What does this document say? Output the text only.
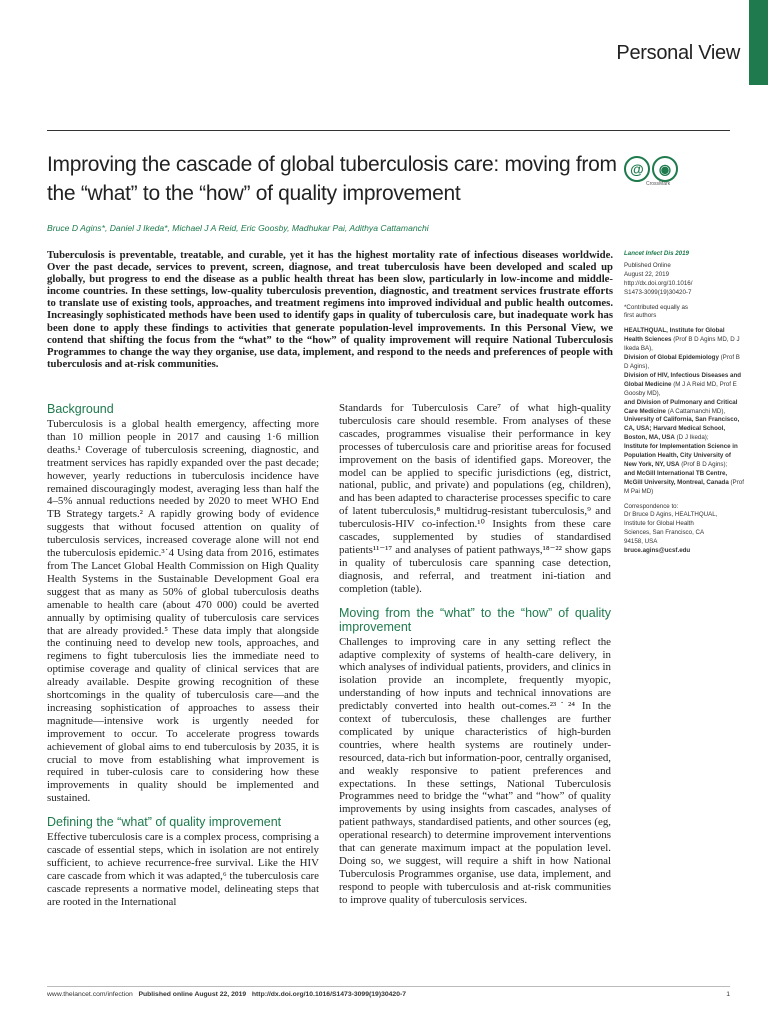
Personal View
Improving the cascade of global tuberculosis care: moving from the “what” to the “how” of quality improvement
@	◉
CrossMark
Bruce D Agins*, Daniel J Ikeda*, Michael J A Reid, Eric Goosby, Madhukar Pai, Adithya Cattamanchi

Tuberculosis is preventable, treatable, and curable, yet it has the highest mortality rate of infectious diseases worldwide. Over the past decade, services to prevent, screen, diagnose, and treat tuberculosis have been developed and scaled up globally, but progress to end the disease as a public health threat has been slow, particularly in low-income and middle-income countries. In these settings, low-quality tuberculosis prevention, diagnostic, and treatment services frustrate efforts to translate use of existing tools, approaches, and treatment regimens into improved individual and public health outcomes. Increasingly sophisticated methods have been used to identify gaps in quality of tuberculosis care, but inadequate work has been done to apply these findings to activities that generate population-level improvements. In this Personal View, we contend that shifting the focus from the “what” to the “how” of quality improvement will require National Tuberculosis Programmes to change the way they organise, use data, implement, and respond to the needs and preferences of people with tuberculosis and at-risk communities.

Background

Tuberculosis is a global health emergency, affecting more than 10 million people in 2017 and causing 1·6 million deaths.¹ Coverage of tuberculosis screening, diagnostic, and treatment services has rapidly expanded over the past decade; however, yearly reductions in tuberculosis incidence have remained discouragingly modest, averaging less than half the 4–5% annual reductions needed by 2020 to meet WHO End TB Strategy targets.² A rapidly growing body of evidence suggests that without focused attention on quality of tuberculosis services, increased coverage alone will not end the tuberculosis epidemic.³˙4 Using data from 2016, estimates from The Lancet Global Health Commission on High Quality Health Systems in the Sustainable Development Goal era suggest that as many as 50% of global tuberculosis deaths amenable to health care (about 470 000) could be averted annually by optimising quality of tuberculosis care services that are already provided.⁵ These data imply that alongside the continuing need to develop new tools, approaches, and regimens to fight tuberculosis lies the immediate need to optimise coverage and quality of clinical services that are already available. Despite growing recognition of these shortcomings in the quality of tuberculosis care—and the increasing sophistication of approaches to assess their magnitude—intensive work is urgently needed for improvement to occur. To accelerate progress towards achievement of global aims to end tuberculosis by 2035, it is crucial to move from establishing what improvement is required in tuber-culosis care to considering how these improvements in quality should be implemented and sustained.

Defining the “what” of quality improvement

Effective tuberculosis care is a complex process, comprising a cascade of essential steps, which in isolation are not entirely sufficient, to achieve recurrence-free survival. Like the HIV care cascade from which it was adapted,⁶ the tuberculosis care cascade represents a normative model, delineating steps that are rooted in the International

Standards for Tuberculosis Care⁷ of what high-quality tuberculosis care should resemble. From analyses of these cascades, programmes visualise their performance in key processes of tuberculosis care and prioritise areas for focused improvement on the basis of identified gaps. Moreover, the model can be applied to specific jurisdictions (eg, district, national, public, and private) and populations (eg, children), and has been adapted to characterise processes specific to care of latent tuberculosis,⁸ multidrug-resistant tuberculosis,⁹ and tuberculosis-HIV co-infection.¹⁰ Insights from these care cascades, supplemented by studies of standardised patients¹¹⁻¹⁷ and analyses of patient pathways,¹⁸⁻²² show gaps in quality of tuberculosis care spanning case detection, diagnosis, and referral, and treatment ini-tiation and completion (table).

Moving from the “what” to the “how” of quality improvement

Challenges to improving care in any setting reflect the adaptive complexity of systems of health-care delivery, in which analyses of individual patients, providers, and clinics in isolation provide an incomplete, frequently myopic, understanding of how inputs and technical innovations are predictably converted into health out-comes.²³˙²⁴ In the context of tuberculosis, these challenges are further complicated by unique characteristics of high-burden countries, where health systems are routinely under-resourced, data-rich but information-poor, centrally organised, and weakly responsive to patient preferences and expectations. In these settings, National Tuberculosis Programmes need to bridge the “what” and “how” of quality improvements by using insights from cascades, analyses of patient pathways, standardised patients, and other sources (eg, operational research) to determine improvement interventions that can generate maximum impact at the population level. Doing so, we suggest, will require a shift in how National Tuberculosis Programmes organise, use data, implement, and respond to people with tuberculosis and at-risk communities to improve quality of tuberculosis services.

Lancet Infect Dis 2019
Published Online
August 22, 2019
http://dx.doi.org/10.1016/
S1473-3099(19)30420-7
*Contributed equally as
first authors
HEALTHQUAL, Institute for Global Health Sciences (Prof B D Agins MD, D J Ikeda BA),
Division of Global Epidemiology (Prof B D Agins),
Division of HIV, Infectious Diseases and Global Medicine (M J A Reid MD, Prof E Goosby MD),
and Division of Pulmonary and Critical Care Medicine (A Cattamanchi MD),
University of California, San Francisco, CA, USA; Harvard Medical School, Boston, MA, USA (D J Ikeda);
Institute for Implementation Science in Population Health, City University of New York, NY, USA (Prof B D Agins);
and McGill International TB Centre, McGill University, Montreal, Canada (Prof M Pai MD)
Correspondence to:
Dr Bruce D Agins, HEALTHQUAL,
Institute for Global Health
Sciences, San Francisco, CA
94158, USA
bruce.agins@ucsf.edu
www.thelancet.com/infection Published online August 22, 2019 http://dx.doi.org/10.1016/S1473-3099(19)30420-7	1
